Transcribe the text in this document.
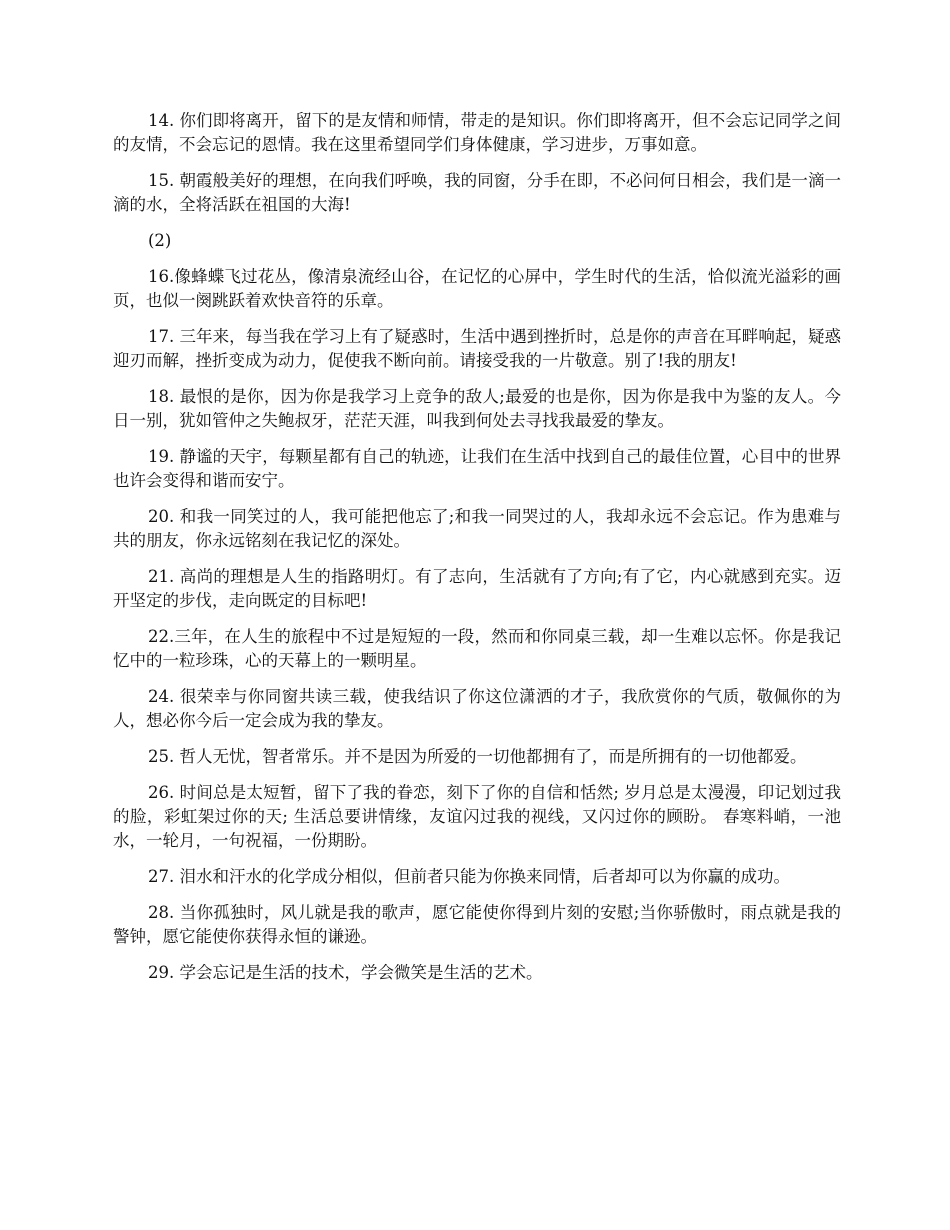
14. 你们即将离开，留下的是友情和师情，带走的是知识。你们即将离开，但不会忘记同学之间的友情，不会忘记的恩情。我在这里希望同学们身体健康，学习进步，万事如意。

15. 朝霞般美好的理想，在向我们呼唤，我的同窗，分手在即，不必问何日相会，我们是一滴一滴的水，全将活跃在祖国的大海!

(2)

16.像蜂蝶飞过花丛，像清泉流经山谷，在记忆的心屏中，学生时代的生活，恰似流光溢彩的画页，也似一阕跳跃着欢快音符的乐章。

17. 三年来，每当我在学习上有了疑惑时，生活中遇到挫折时，总是你的声音在耳畔响起，疑惑迎刃而解，挫折变成为动力，促使我不断向前。请接受我的一片敬意。别了!我的朋友!

18. 最恨的是你，因为你是我学习上竞争的敌人;最爱的也是你，因为你是我中为鉴的友人。今日一别，犹如管仲之失鲍叔牙，茫茫天涯，叫我到何处去寻找我最爱的挚友。

19. 静谧的天宇，每颗星都有自己的轨迹，让我们在生活中找到自己的最佳位置，心目中的世界也许会变得和谐而安宁。

20. 和我一同笑过的人，我可能把他忘了;和我一同哭过的人，我却永远不会忘记。作为患难与共的朋友，你永远铭刻在我记忆的深处。

21. 高尚的理想是人生的指路明灯。有了志向，生活就有了方向;有了它，内心就感到充实。迈开坚定的步伐，走向既定的目标吧!

22.三年，在人生的旅程中不过是短短的一段，然而和你同桌三载，却一生难以忘怀。你是我记忆中的一粒珍珠，心的天幕上的一颗明星。

24. 很荣幸与你同窗共读三载，使我结识了你这位潇洒的才子，我欣赏你的气质，敬佩你的为人，想必你今后一定会成为我的挚友。

25. 哲人无忧，智者常乐。并不是因为所爱的一切他都拥有了，而是所拥有的一切他都爱。

26. 时间总是太短暂，留下了我的眷恋，刻下了你的自信和恬然; 岁月总是太漫漫，印记划过我的脸，彩虹架过你的天; 生活总要讲情缘，友谊闪过我的视线，又闪过你的顾盼。 春寒料峭，一池水，一轮月，一句祝福，一份期盼。

27. 泪水和汗水的化学成分相似，但前者只能为你换来同情，后者却可以为你赢的成功。

28. 当你孤独时，风儿就是我的歌声，愿它能使你得到片刻的安慰;当你骄傲时，雨点就是我的警钟，愿它能使你获得永恒的谦逊。

29. 学会忘记是生活的技术，学会微笑是生活的艺术。
